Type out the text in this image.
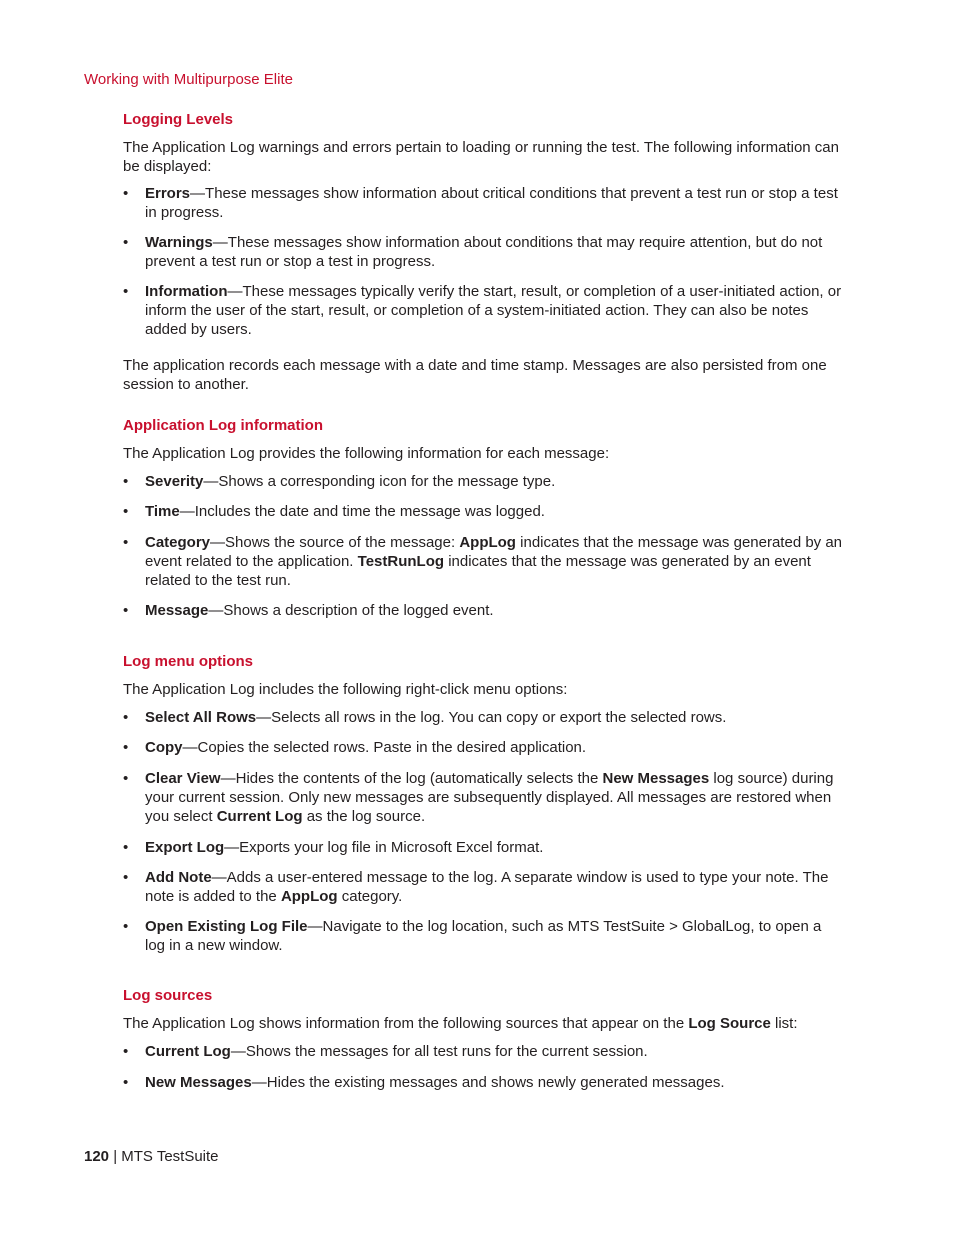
Working with Multipurpose Elite
Logging Levels

The Application Log warnings and errors pertain to loading or running the test. The following information can be displayed:

• Errors—These messages show information about critical conditions that prevent a test run or stop a test in progress.
• Warnings—These messages show information about conditions that may require attention, but do not prevent a test run or stop a test in progress.
• Information—These messages typically verify the start, result, or completion of a user-initiated action, or inform the user of the start, result, or completion of a system-initiated action. They can also be notes added by users.

The application records each message with a date and time stamp. Messages are also persisted from one session to another.

Application Log information

The Application Log provides the following information for each message:

• Severity—Shows a corresponding icon for the message type.
• Time—Includes the date and time the message was logged.
• Category—Shows the source of the message: AppLog indicates that the message was generated by an event related to the application. TestRunLog indicates that the message was generated by an event related to the test run.
• Message—Shows a description of the logged event.
Log menu options

The Application Log includes the following right-click menu options:

• Select All Rows—Selects all rows in the log. You can copy or export the selected rows.
• Copy—Copies the selected rows. Paste in the desired application.
• Clear View—Hides the contents of the log (automatically selects the New Messages log source) during your current session. Only new messages are subsequently displayed. All messages are restored when you select Current Log as the log source.
• Export Log—Exports your log file in Microsoft Excel format.
• Add Note—Adds a user-entered message to the log. A separate window is used to type your note. The note is added to the AppLog category.
• Open Existing Log File—Navigate to the log location, such as MTS TestSuite > GlobalLog, to open a log in a new window.
Log sources

The Application Log shows information from the following sources that appear on the Log Source list:

• Current Log—Shows the messages for all test runs for the current session.
• New Messages—Hides the existing messages and shows newly generated messages.
120 | MTS TestSuite
